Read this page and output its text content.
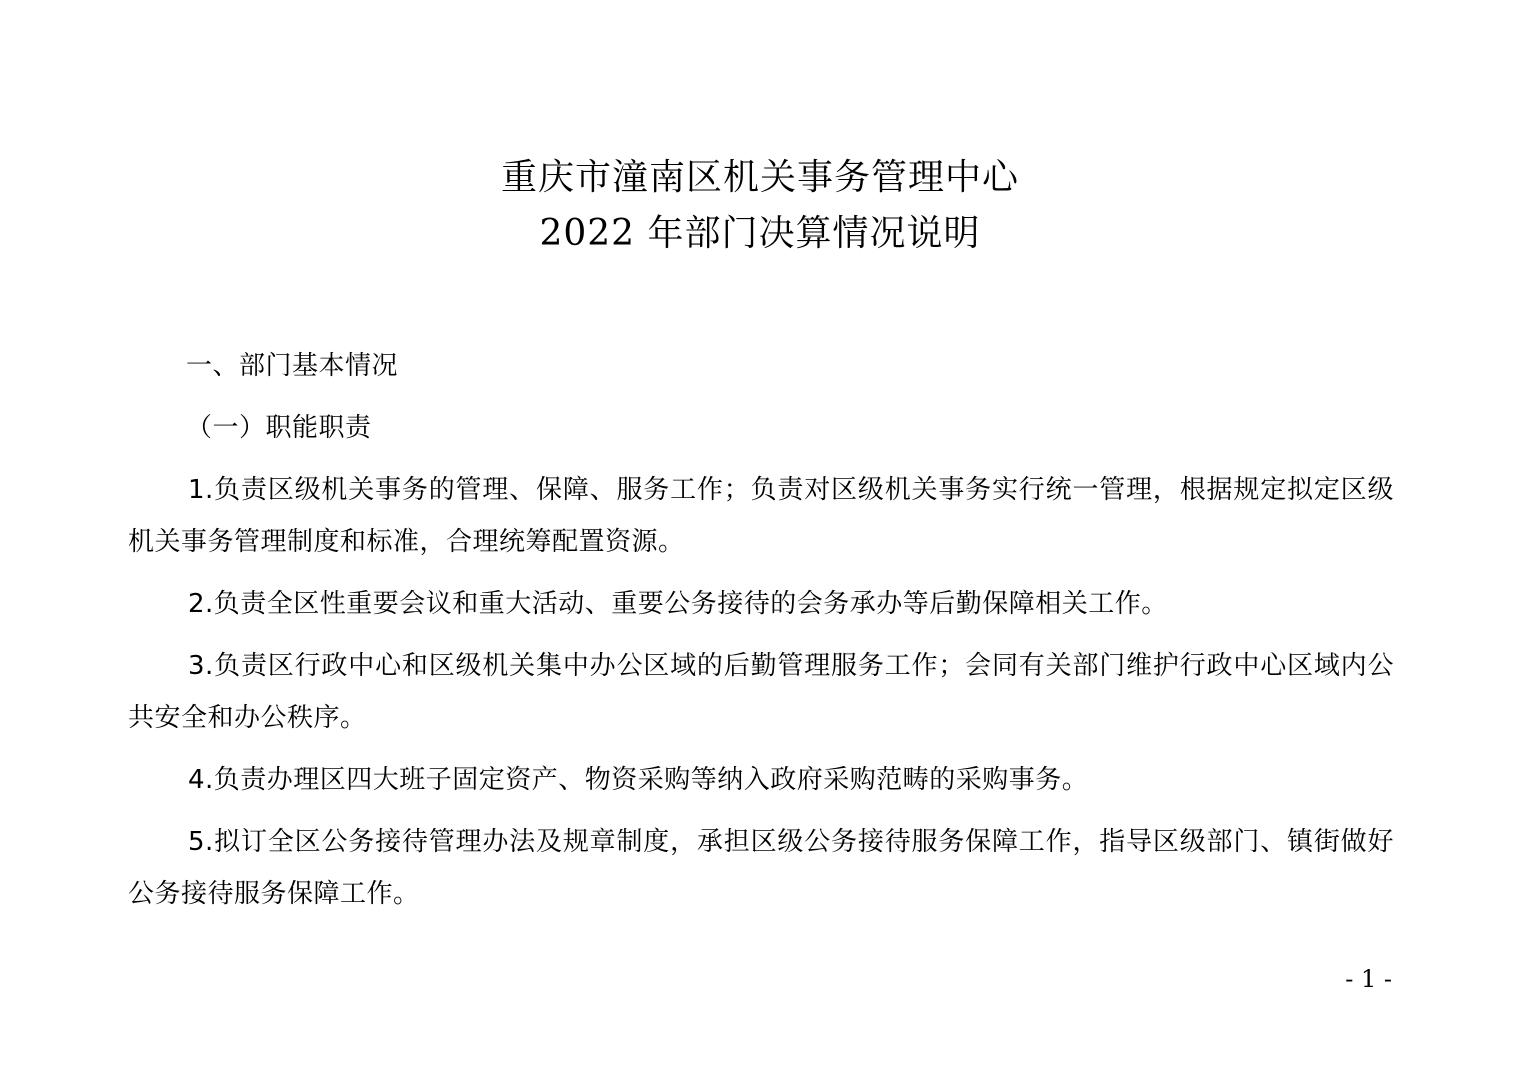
重庆市潼南区机关事务管理中心
2022 年部门决算情况说明
一、部门基本情况
（一）职能职责

1.负责区级机关事务的管理、保障、服务工作；负责对区级机关事务实行统一管理，根据规定拟定区级机关事务管理制度和标准，合理统筹配置资源。

2.负责全区性重要会议和重大活动、重要公务接待的会务承办等后勤保障相关工作。

3.负责区行政中心和区级机关集中办公区域的后勤管理服务工作；会同有关部门维护行政中心区域内公共安全和办公秩序。

4.负责办理区四大班子固定资产、物资采购等纳入政府采购范畴的采购事务。

5.拟订全区公务接待管理办法及规章制度，承担区级公务接待服务保障工作，指导区级部门、镇街做好公务接待服务保障工作。

- 1 -
